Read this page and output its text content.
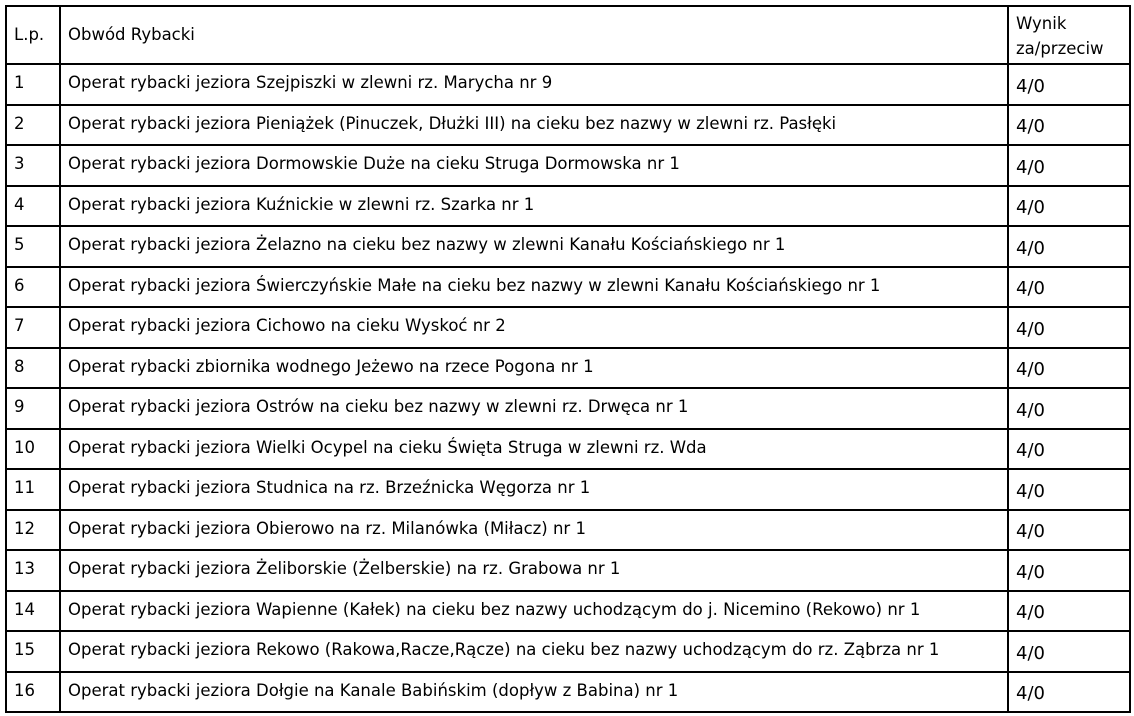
L.p.	Obwód Rybacki	Wynik za/przeciw
1	Operat rybacki jeziora Szejpiszki w zlewni rz. Marycha nr 9	4/0
2	Operat rybacki jeziora Pieniążek (Pinuczek, Dłużki III) na cieku bez nazwy w zlewni rz. Pasłęki	4/0
3	Operat rybacki jeziora Dormowskie Duże na cieku Struga Dormowska nr 1	4/0
4	Operat rybacki jeziora Kuźnickie w zlewni rz. Szarka nr 1	4/0
5	Operat rybacki jeziora Żelazno na cieku bez nazwy w zlewni Kanału Kościańskiego nr 1	4/0
6	Operat rybacki jeziora Świerczyńskie Małe na cieku bez nazwy w zlewni Kanału Kościańskiego nr 1	4/0
7	Operat rybacki jeziora Cichowo na cieku Wyskoć nr 2	4/0
8	Operat rybacki zbiornika wodnego Jeżewo na rzece Pogona nr 1	4/0
9	Operat rybacki jeziora Ostrów na cieku bez nazwy w zlewni rz. Drwęca nr 1	4/0
10	Operat rybacki jeziora Wielki Ocypel na cieku Święta Struga w zlewni rz. Wda	4/0
11	Operat rybacki jeziora Studnica na rz. Brzeźnicka Węgorza nr 1	4/0
12	Operat rybacki jeziora Obierowo na rz. Milanówka (Miłacz) nr 1	4/0
13	Operat rybacki jeziora Żeliborskie (Żelberskie) na rz. Grabowa nr 1	4/0
14	Operat rybacki jeziora Wapienne (Kałek) na cieku bez nazwy uchodzącym do j. Nicemino (Rekowo) nr 1	4/0
15	Operat rybacki jeziora Rekowo (Rakowa,Racze,Rącze) na cieku bez nazwy uchodzącym do rz. Ząbrza nr 1	4/0
16	Operat rybacki jeziora Dołgie na Kanale Babińskim (dopływ z Babina) nr 1	4/0
